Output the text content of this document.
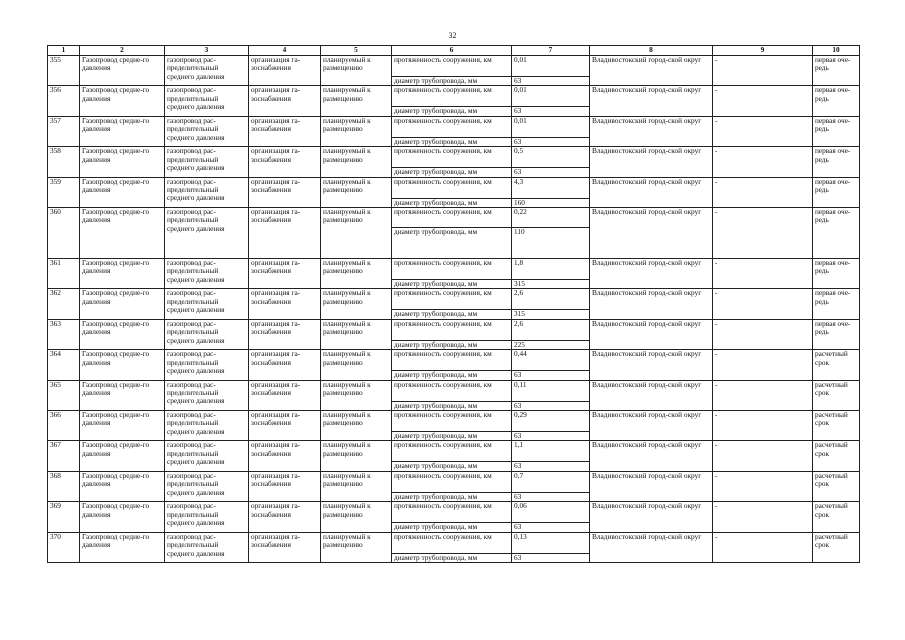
32
1	2	3	4	5	6	7	8	9	10
355	Газопровод средне-го давления	газопровод рас-пределительный среднего давления	организация га-зоснабжения	планируемый к размещению	протяженность сооружения, км	0,01	Владивостокский город-ской округ	-	первая оче-редь
					диаметр трубопровода, мм	63			
356	Газопровод средне-го давления	газопровод рас-пределительный среднего давления	организация га-зоснабжения	планируемый к размещению	протяженность сооружения, км	0,01	Владивостокский город-ской округ	-	первая оче-редь
					диаметр трубопровода, мм	63			
357	Газопровод средне-го давления	газопровод рас-пределительный среднего давления	организация га-зоснабжения	планируемый к размещению	протяженность сооружения, км	0,01	Владивостокский город-ской округ	-	первая оче-редь
					диаметр трубопровода, мм	63			
358	Газопровод средне-го давления	газопровод рас-пределительный среднего давления	организация га-зоснабжения	планируемый к размещению	протяженность сооружения, км	0,5	Владивостокский город-ской округ	-	первая оче-редь
					диаметр трубопровода, мм	63			
359	Газопровод средне-го давления	газопровод рас-пределительный среднего давления	организация га-зоснабжения	планируемый к размещению	протяженность сооружения, км	4,3	Владивостокский город-ской округ	-	первая оче-редь
					диаметр трубопровода, мм	160			
360	Газопровод средне-го давления	газопровод рас-пределительный среднего давления	организация га-зоснабжения	планируемый к размещению	протяженность сооружения, км	0,22	Владивостокский город-ской округ	-	первая оче-редь
					диаметр трубопровода, мм	110			
361	Газопровод средне-го давления	газопровод рас-пределительный среднего давления	организация га-зоснабжения	планируемый к размещению	протяженность сооружения, км	1,8	Владивостокский город-ской округ	-	первая оче-редь
					диаметр трубопровода, мм	315			
362	Газопровод средне-го давления	газопровод рас-пределительный среднего давления	организация га-зоснабжения	планируемый к размещению	протяженность сооружения, км	2,6	Владивостокский город-ской округ	-	первая оче-редь
					диаметр трубопровода, мм	315			
363	Газопровод средне-го давления	газопровод рас-пределительный среднего давления	организация га-зоснабжения	планируемый к размещению	протяженность сооружения, км	2,6	Владивостокский город-ской округ	-	первая оче-редь
					диаметр трубопровода, мм	225			
364	Газопровод средне-го давления	газопровод рас-пределительный среднего давления	организация га-зоснабжения	планируемый к размещению	протяженность сооружения, км	0,44	Владивостокский город-ской округ	-	расчетный срок
					диаметр трубопровода, мм	63			
365	Газопровод средне-го давления	газопровод рас-пределительный среднего давления	организация га-зоснабжения	планируемый к размещению	протяженность сооружения, км	0,11	Владивостокский город-ской округ	-	расчетный срок
					диаметр трубопровода, мм	63			
366	Газопровод средне-го давления	газопровод рас-пределительный среднего давления	организация га-зоснабжения	планируемый к размещению	протяженность сооружения, км	0,29	Владивостокский город-ской округ	-	расчетный срок
					диаметр трубопровода, мм	63			
367	Газопровод средне-го давления	газопровод рас-пределительный среднего давления	организация га-зоснабжения	планируемый к размещению	протяженность сооружения, км	1,1	Владивостокский город-ской округ	-	расчетный срок
					диаметр трубопровода, мм	63			
368	Газопровод средне-го давления	газопровод рас-пределительный среднего давления	организация га-зоснабжения	планируемый к размещению	протяженность сооружения, км	0,7	Владивостокский город-ской округ	-	расчетный срок
					диаметр трубопровода, мм	63			
369	Газопровод средне-го давления	газопровод рас-пределительный среднего давления	организация га-зоснабжения	планируемый к размещению	протяженность сооружения, км	0,06	Владивостокский город-ской округ	-	расчетный срок
					диаметр трубопровода, мм	63			
370	Газопровод средне-го давления	газопровод рас-пределительный среднего давления	организация га-зоснабжения	планируемый к размещению	протяженность сооружения, км	0,13	Владивостокский город-ской округ	-	расчетный срок
					диаметр трубопровода, мм	63			
